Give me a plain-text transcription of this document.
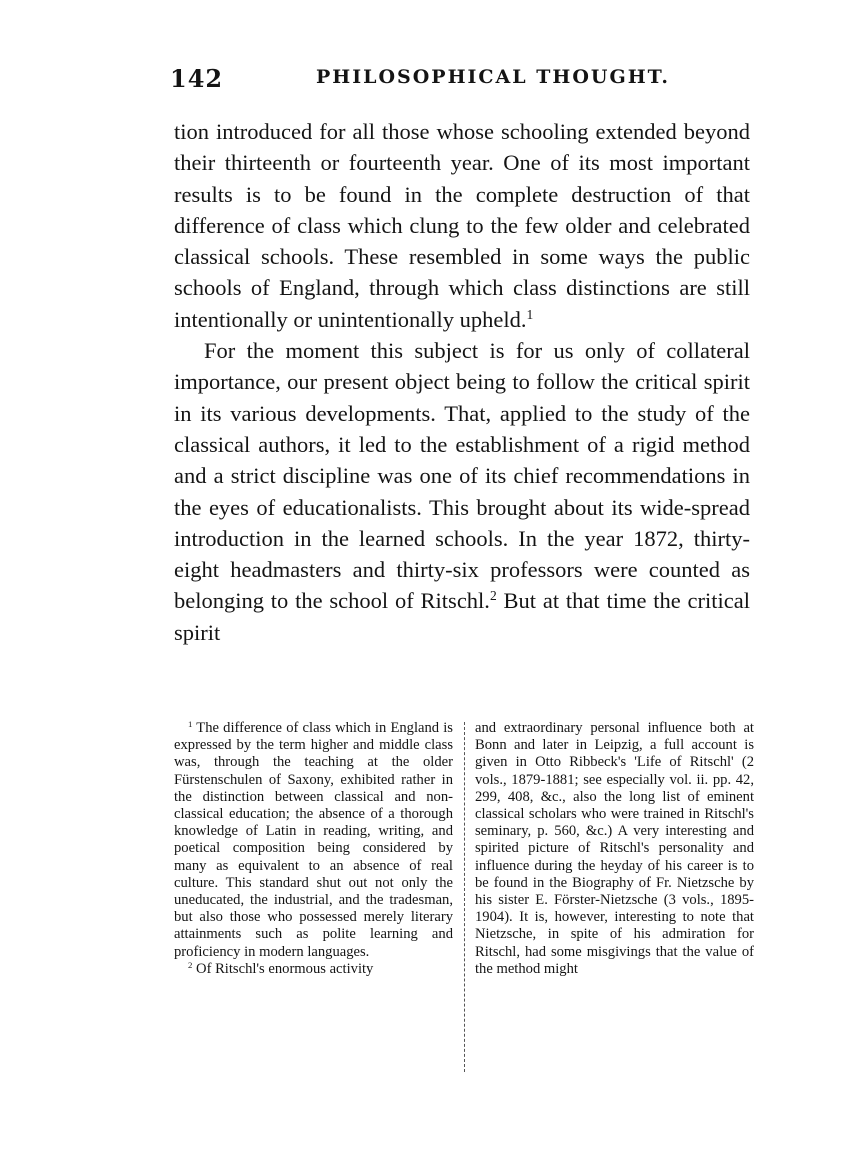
142	PHILOSOPHICAL THOUGHT.

tion introduced for all those whose schooling extended beyond their thirteenth or fourteenth year. One of its most important results is to be found in the complete destruction of that difference of class which clung to the few older and celebrated classical schools. These resembled in some ways the public schools of England, through which class distinctions are still intentionally or unintentionally upheld.$^1$

For the moment this subject is for us only of collateral importance, our present object being to follow the critical spirit in its various developments. That, applied to the study of the classical authors, it led to the establishment of a rigid method and a strict discipline was one of its chief recommendations in the eyes of educationalists. This brought about its wide-spread introduction in the learned schools. In the year 1872, thirty-eight headmasters and thirty-six professors were counted as belonging to the school of Ritschl.$^2$ But at that time the critical spirit

$^1$ The difference of class which in England is expressed by the term higher and middle class was, through the teaching at the older Fürstenschulen of Saxony, exhibited rather in the distinction between classical and non-classical education; the absence of a thorough knowledge of Latin in reading, writing, and poetical composition being considered by many as equivalent to an absence of real culture. This standard shut out not only the uneducated, the industrial, and the tradesman, but also those who possessed merely literary attainments such as polite learning and proficiency in modern languages.

$^2$ Of Ritschl's enormous activity

and extraordinary personal influence both at Bonn and later in Leipzig, a full account is given in Otto Ribbeck's 'Life of Ritschl' (2 vols., 1879-1881; see especially vol. ii. pp. 42, 299, 408, &c., also the long list of eminent classical scholars who were trained in Ritschl's seminary, p. 560, &c.) A very interesting and spirited picture of Ritschl's personality and influence during the heyday of his career is to be found in the Biography of Fr. Nietzsche by his sister E. Förster-Nietzsche (3 vols., 1895-1904). It is, however, interesting to note that Nietzsche, in spite of his admiration for Ritschl, had some misgivings that the value of the method might
